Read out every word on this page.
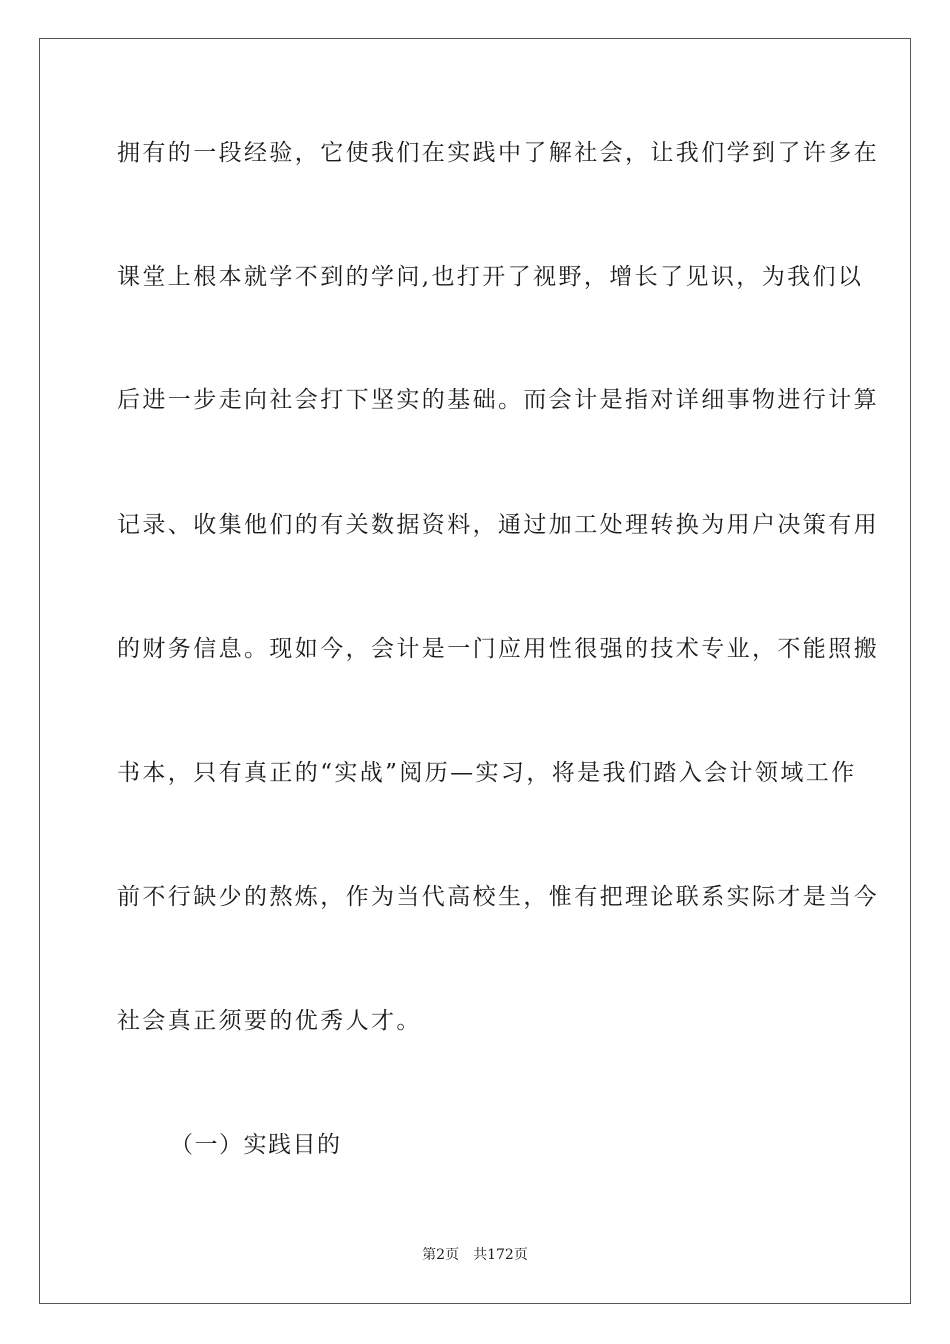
拥有的一段经验，它使我们在实践中了解社会，让我们学到了许多在
课堂上根本就学不到的学问,也打开了视野，增长了见识，为我们以
后进一步走向社会打下坚实的基础。而会计是指对详细事物进行计算
记录、收集他们的有关数据资料，通过加工处理转换为用户决策有用
的财务信息。现如今，会计是一门应用性很强的技术专业，不能照搬
书本，只有真正的“实战”阅历—实习，将是我们踏入会计领域工作
前不行缺少的熬炼，作为当代高校生，惟有把理论联系实际才是当今
社会真正须要的优秀人才。
（一）实践目的
第2页 共172页
